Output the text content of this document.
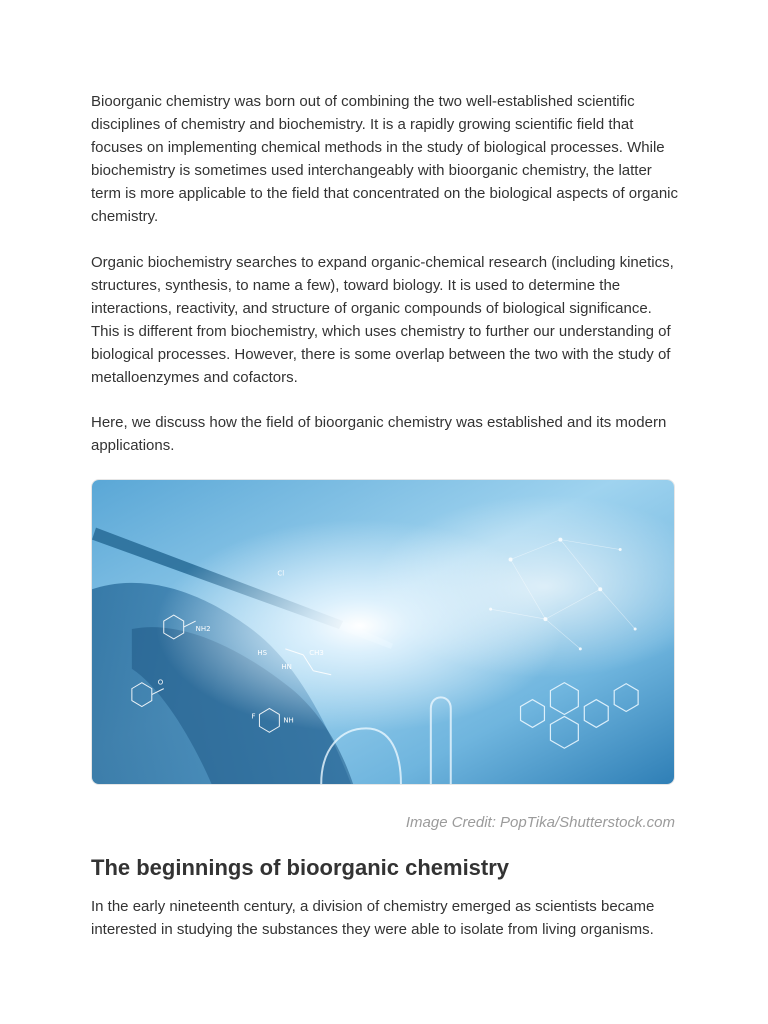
Bioorganic chemistry was born out of combining the two well-established scientific disciplines of chemistry and biochemistry. It is a rapidly growing scientific field that focuses on implementing chemical methods in the study of biological processes. While biochemistry is sometimes used interchangeably with bioorganic chemistry, the latter term is more applicable to the field that concentrated on the biological aspects of organic chemistry.

Organic biochemistry searches to expand organic-chemical research (including kinetics, structures, synthesis, to name a few), toward biology. It is used to determine the interactions, reactivity, and structure of organic compounds of biological significance. This is different from biochemistry, which uses chemistry to further our understanding of biological processes. However, there is some overlap between the two with the study of metalloenzymes and cofactors.

Here, we discuss how the field of bioorganic chemistry was established and its modern applications.

NH2
HS
HN
CH3
NH
F
O
Cl
Image Credit: PopTika/Shutterstock.com
The beginnings of bioorganic chemistry

In the early nineteenth century, a division of chemistry emerged as scientists became interested in studying the substances they were able to isolate from living organisms.
